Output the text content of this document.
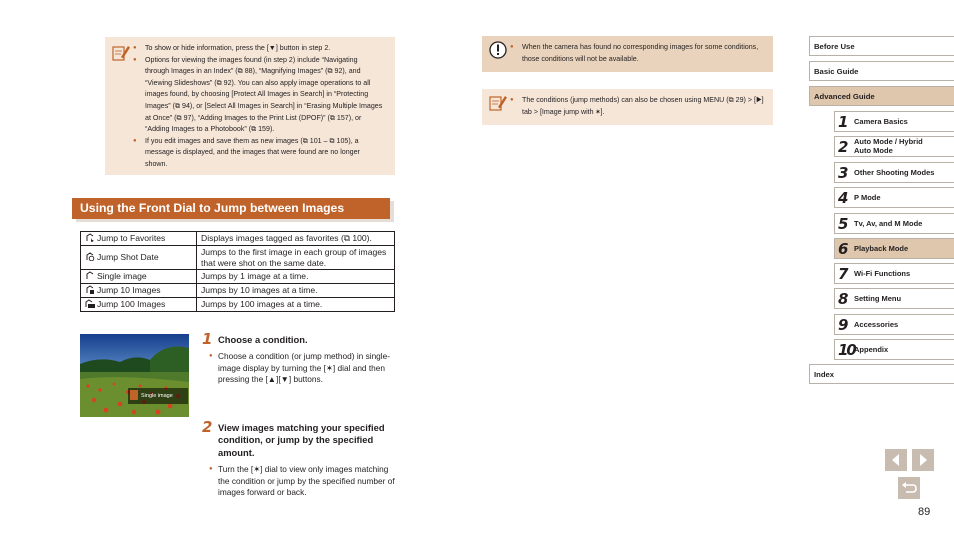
● To show or hide information, press the [▼] button in step 2.
● Options for viewing the images found (in step 2) include “Navigating through Images in an Index” (⧉ 88), “Magnifying Images” (⧉ 92), and “Viewing Slideshows” (⧉ 92). You can also apply image operations to all images found, by choosing [Protect All Images in Search] in “Protecting Images” (⧉ 94), or [Select All Images in Search] in “Erasing Multiple Images at Once” (⧉ 97), “Adding Images to the Print List (DPOF)” (⧉ 157), or “Adding Images to a Photobook” (⧉ 159).
● If you edit images and save them as new images (⧉ 101 – ⧉ 105), a message is displayed, and the images that were found are no longer shown.
Using the Front Dial to Jump between Images
Jump to Favorites	Displays images tagged as favorites (⧉ 100).
Jump Shot Date	Jumps to the first image in each group of images that were shot on the same date.
Single image	Jumps by 1 image at a time.
Jump 10 Images	Jumps by 10 images at a time.
Jump 100 Images	Jumps by 100 images at a time.
Single image
1 Choose a condition.
● Choose a condition (or jump method) in single-image display by turning the [✶] dial and then pressing the [▲][▼] buttons.
2 View images matching your specified condition, or jump by the specified amount.
● Turn the [✶] dial to view only images matching the condition or jump by the specified number of images forward or back.
● When the camera has found no corresponding images for some conditions, those conditions will not be available.
● The conditions (jump methods) can also be chosen using MENU (⧉ 29) > [▶] tab > [Image jump with ✶].
Before Use
Basic Guide
Advanced Guide
1 Camera Basics
2 Auto Mode / Hybrid Auto Mode
3 Other Shooting Modes
4 P Mode
5 Tv, Av, and M Mode
6 Playback Mode
7 Wi-Fi Functions
8 Setting Menu
9 Accessories
10 Appendix
Index
89
